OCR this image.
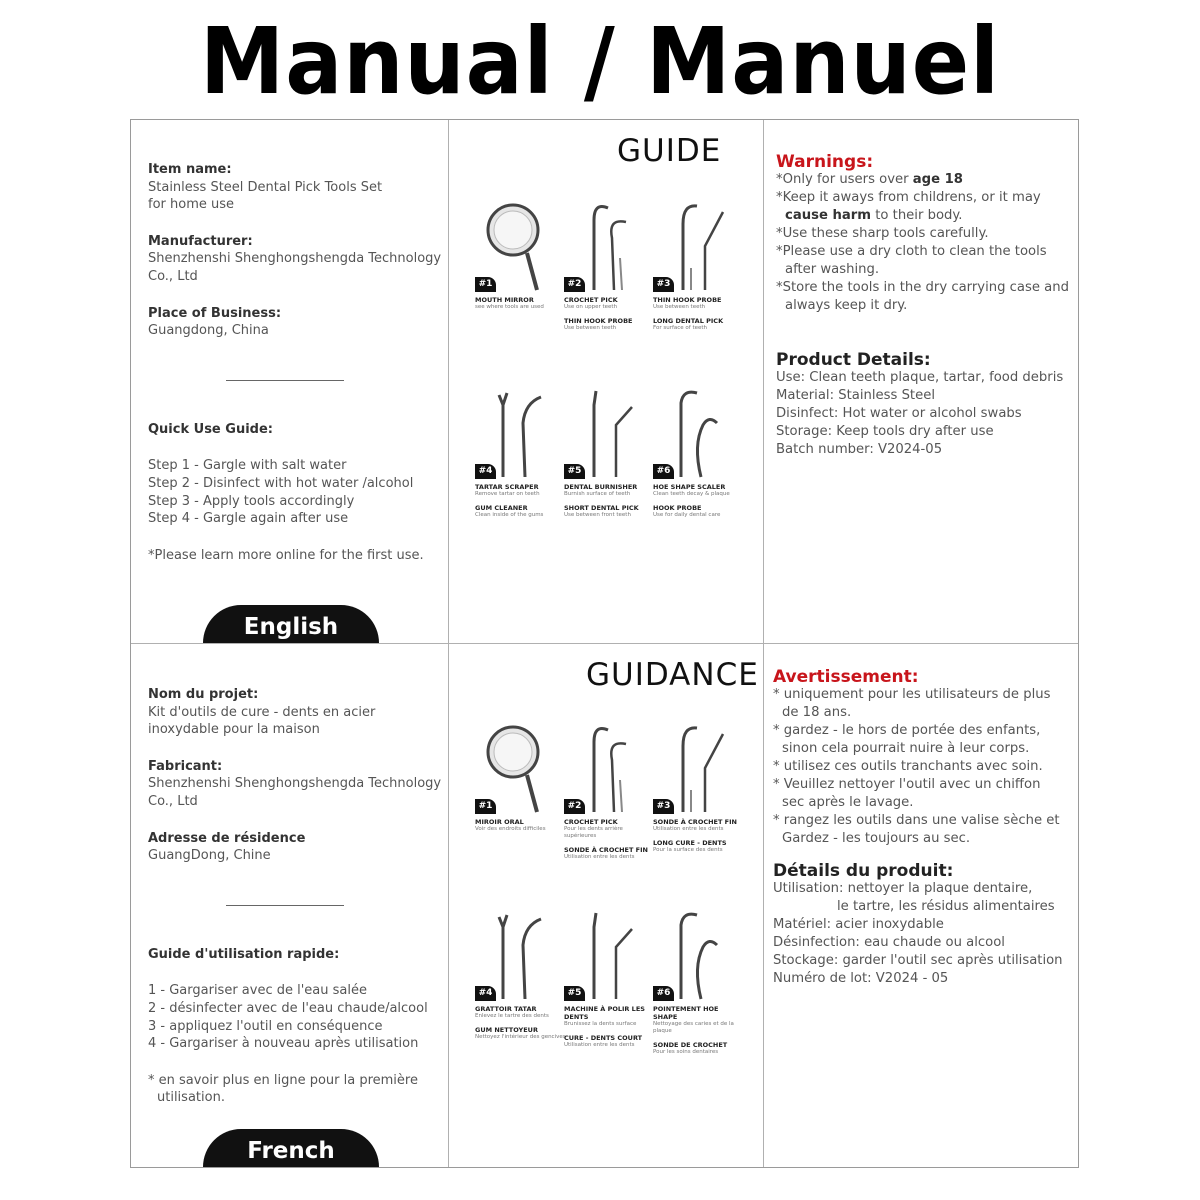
Manual / Manuel
Item name:
Stainless Steel Dental Pick Tools Set
for home use
Manufacturer:
Shenzhenshi Shenghongshengda Technology
Co., Ltd
Place of Business:
Guangdong, China
Quick Use Guide:
Step 1 - Gargle with salt water
Step 2 - Disinfect with hot water /alcohol
Step 3 - Apply tools accordingly
Step 4 - Gargle again after use
*Please learn more online for the first use.
English
GUIDE
#1
MOUTH MIRROR
see where tools are used
#2
CROCHET PICK
Use on upper teeth
THIN HOOK PROBE
Use between teeth
#3
THIN HOOK PROBE
Use between teeth
LONG DENTAL PICK
For surface of teeth
#4
TARTAR SCRAPER
Remove tartar on teeth
GUM CLEANER
Clean inside of the gums
#5
DENTAL BURNISHER
Burnish surface of teeth
SHORT DENTAL PICK
Use between front teeth
#6
HOE SHAPE SCALER
Clean teeth decay & plaque
HOOK PROBE
Use for daily dental care
Warnings:
*Only for users over age 18
*Keep it aways from childrens, or it may
cause harm to their body.
*Use these sharp tools carefully.
*Please use a dry cloth to clean the tools
after washing.
*Store the tools in the dry carrying case and
always keep it dry.
Product Details:
Use: Clean teeth plaque, tartar, food debris
Material: Stainless Steel
Disinfect: Hot water or alcohol swabs
Storage: Keep tools dry after use
Batch number: V2024-05
Nom du projet:
Kit d'outils de cure - dents en acier
inoxydable pour la maison
Fabricant:
Shenzhenshi Shenghongshengda Technology
Co., Ltd
Adresse de résidence
GuangDong, Chine
Guide d'utilisation rapide:
1 - Gargariser avec de l'eau salée
2 - désinfecter avec de l'eau chaude/alcool
3 - appliquez l'outil en conséquence
4 - Gargariser à nouveau après utilisation
* en savoir plus en ligne pour la première
utilisation.
French
GUIDANCE
#1
MIROIR ORAL
Voir des endroits difficiles
#2
CROCHET PICK
Pour les dents arrière supérieures
SONDE À CROCHET FIN
Utilisation entre les dents
#3
SONDE À CROCHET FIN
Utilisation entre les dents
LONG CURE - DENTS
Pour la surface des dents
#4
GRATTOIR TATAR
Enlevez le tartre des dents
GUM NETTOYEUR
Nettoyez l'intérieur des gencives
#5
MACHINE À POLIR LES DENTS
Brunissez la dents surface
CURE - DENTS COURT
Utilisation entre les dents
#6
POINTEMENT HOE SHAPE
Nettoyage des caries et de la plaque
SONDE DE CROCHET
Pour les soins dentaires
Avertissement:
* uniquement pour les utilisateurs de plus
de 18 ans.
* gardez - le hors de portée des enfants,
sinon cela pourrait nuire à leur corps.
* utilisez ces outils tranchants avec soin.
* Veuillez nettoyer l'outil avec un chiffon
sec après le lavage.
* rangez les outils dans une valise sèche et
Gardez - les toujours au sec.
Détails du produit:
Utilisation: nettoyer la plaque dentaire,
le tartre, les résidus alimentaires
Matériel: acier inoxydable
Désinfection: eau chaude ou alcool
Stockage: garder l'outil sec après utilisation
Numéro de lot: V2024 - 05
